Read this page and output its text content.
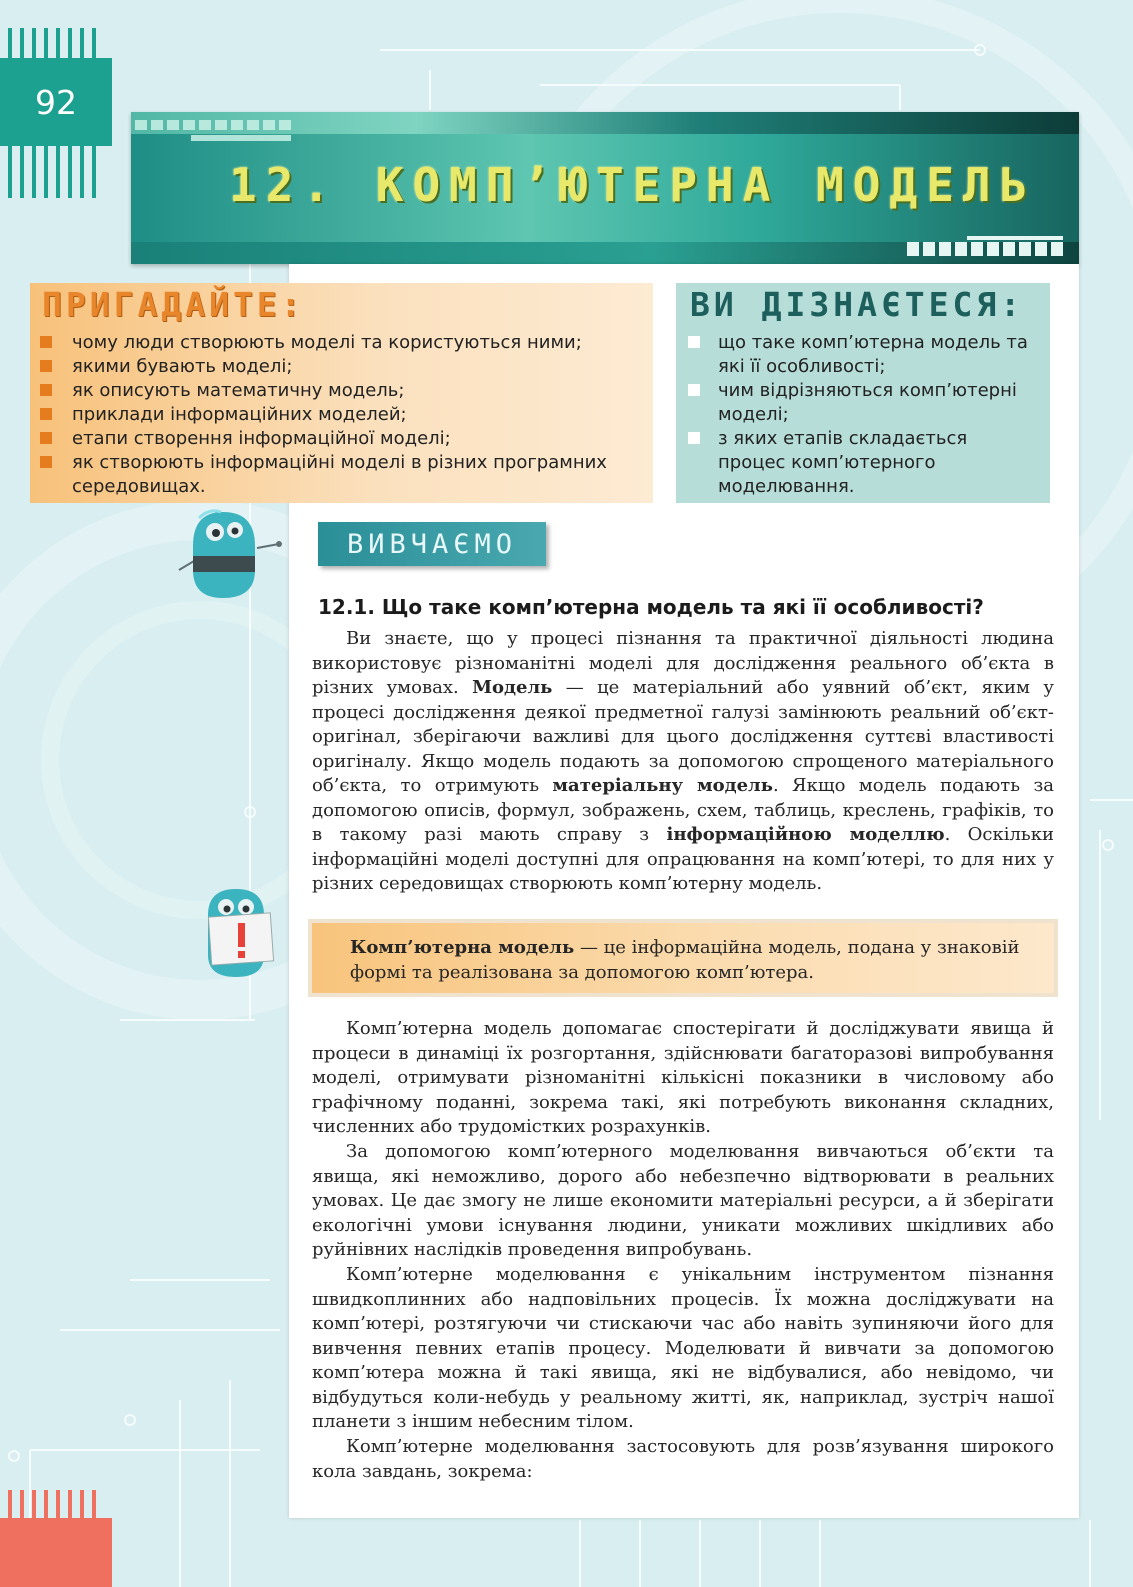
92
12. КОМП’ЮТЕРНА МОДЕЛЬ
ПРИГАДАЙТЕ:
чому люди створюють моделі та користуються ними;
якими бувають моделі;
як описують математичну модель;
приклади інформаційних моделей;
етапи створення інформаційної моделі;
як створюють інформаційні моделі в різних програмних середовищах.
ВИ ДІЗНАЄТЕСЯ:
що таке комп’ютерна модель та які її особливості;
чим відрізняються комп’ютерні моделі;
з яких етапів складається процес комп’ютерного моделювання.
ВИВЧАЄМО
12.1. Що таке комп’ютерна модель та які її особливості?

Ви знаєте, що у процесі пізнання та практичної діяльності людина використовує різноманітні моделі для дослідження реального об’єкта в різних умовах. Модель — це матеріальний або уявний об’єкт, яким у процесі дослідження деякої предметної галузі замінюють реальний об’єкт-оригінал, зберігаючи важливі для цього дослідження суттєві властивості оригіналу. Якщо модель подають за допомогою спрощеного матеріального об’єкта, то отримують матеріальну модель. Якщо модель подають за допомогою описів, формул, зображень, схем, таблиць, креслень, графіків, то в такому разі мають справу з інформаційною моделлю. Оскільки інформаційні моделі доступні для опрацювання на комп’ютері, то для них у різних середовищах створюють комп’ютерну модель.

Комп’ютерна модель — це інформаційна модель, подана у знаковій формі та реалізована за допомогою комп’ютера.

Комп’ютерна модель допомагає спостерігати й досліджувати явища й процеси в динаміці їх розгортання, здійснювати багаторазові випробування моделі, отримувати різноманітні кількісні показники в числовому або графічному поданні, зокрема такі, які потребують виконання складних, численних або трудомістких розрахунків.

За допомогою комп’ютерного моделювання вивчаються об’єкти та явища, які неможливо, дорого або небезпечно відтворювати в реальних умовах. Це дає змогу не лише економити матеріальні ресурси, а й зберігати екологічні умови існування людини, уникати можливих шкідливих або руйнівних наслідків проведення випробувань.

Комп’ютерне моделювання є унікальним інструментом пізнання швидкоплинних або надповільних процесів. Їх можна досліджувати на комп’ютері, розтягуючи чи стискаючи час або навіть зупиняючи його для вивчення певних етапів процесу. Моделювати й вивчати за допомогою комп’ютера можна й такі явища, які не відбувалися, або невідомо, чи відбудуться коли-небудь у реальному житті, як, наприклад, зустріч нашої планети з іншим небесним тілом.

Комп’ютерне моделювання застосовують для розв’язування широкого кола завдань, зокрема:
